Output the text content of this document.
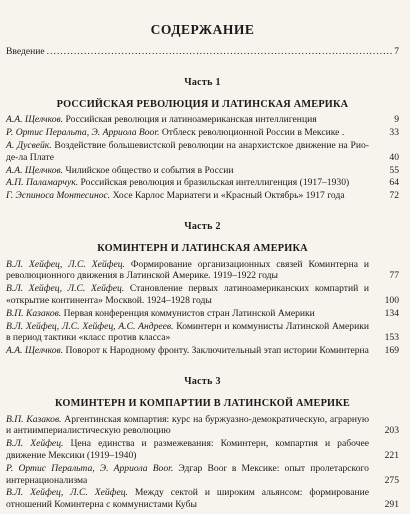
СОДЕРЖАНИЕ
Введение .....	7
Часть 1
РОССИЙСКАЯ РЕВОЛЮЦИЯ И ЛАТИНСКАЯ АМЕРИКА
А.А. Щелчков. Российская революция и латиноамериканская интеллигенция	9
Р. Ортис Перальта, Э. Арриола Вооr. Отблеск революционной России в Мексике .	33
А. Дусвейк. Воздействие большевистской революции на анархистское движение на Рио-де-ла Плате	40
А.А. Щелчков. Чилийское общество и события в России	55
А.П. Паламарчук. Российская революция и бразильская интеллигенция (1917–1930)	64
Г. Эспиноса Монтесинос. Хосе Карлос Мариатеги и «Красный Октябрь» 1917 года	72
Часть 2
КОМИНТЕРН И ЛАТИНСКАЯ АМЕРИКА
В.Л. Хейфец, Л.С. Хейфец. Формирование организационных связей Коминтерна и революционного движения в Латинской Америке. 1919–1922 годы	77
В.Л. Хейфец, Л.С. Хейфец. Становление первых латиноамериканских компартий и «открытие континента» Москвой. 1924–1928 годы	100
В.П. Казаков. Первая конференция коммунистов стран Латинской Америки	134
В.Л. Хейфец, Л.С. Хейфец, А.С. Андреев. Коминтерн и коммунисты Латинской Америки в период тактики «класс против класса»	153
А.А. Щелчков. Поворот к Народному фронту. Заключительный этап истории Коминтерна	169
Часть 3
КОМИНТЕРН И КОМПАРТИИ В ЛАТИНСКОЙ АМЕРИКЕ
В.П. Казаков. Аргентинская компартия: курс на буржуазно-демократическую, аграрную и антиимпериалистическую революцию	203
В.Л. Хейфец. Цена единства и размежевания: Коминтерн, компартия и рабочее движение Мексики (1919–1940)	221
Р. Ортис Перальта, Э. Арриола Вооr. Эдгар Вооr в Мексике: опыт пролетарского интернационализма	275
В.Л. Хейфец, Л.С. Хейфец. Между сектой и широким альянсом: формирование отношений Коминтерна с коммунистами Кубы	291
